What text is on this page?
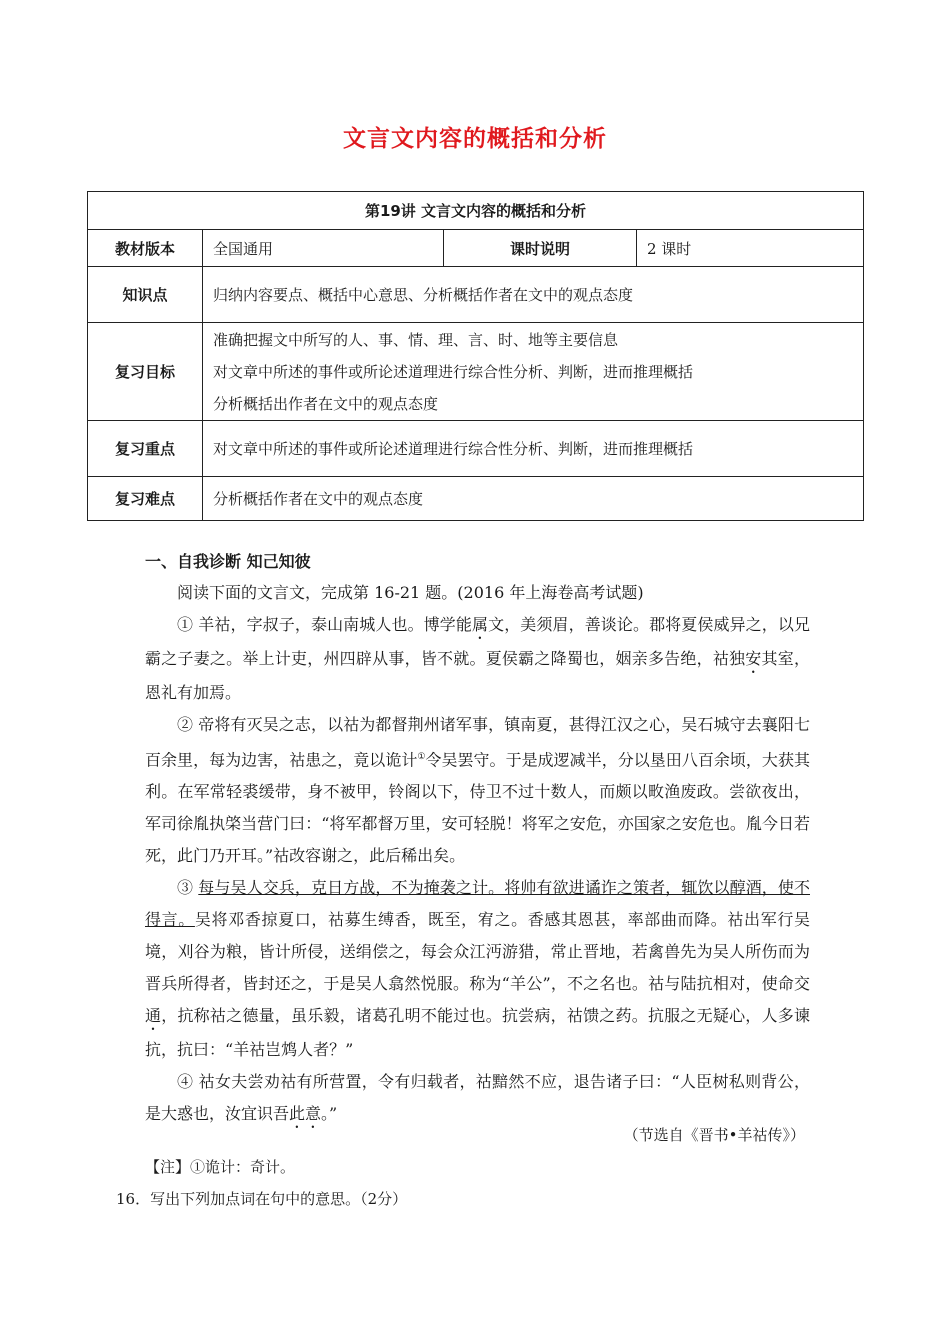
文言文内容的概括和分析
第19讲 文言文内容的概括和分析			
教材版本	全国通用	课时说明	2 课时
知识点	归纳内容要点、概括中心意思、分析概括作者在文中的观点态度		
复习目标	准确把握文中所写的人、事、情、理、言、时、地等主要信息
对文章中所述的事件或所论述道理进行综合性分析、判断，进而推理概括
分析概括出作者在文中的观点态度		

复习重点	对文章中所述的事件或所论述道理进行综合性分析、判断，进而推理概括		
复习难点	分析概括作者在文中的观点态度		
一、自我诊断 知己知彼

阅读下面的文言文，完成第 16-21 题。(2016 年上海卷高考试题)

① 羊祜，字叔子，泰山南城人也。博学能属文，美须眉，善谈论。郡将夏侯威异之，以兄霸之子妻之。举上计吏，州四辟从事，皆不就。夏侯霸之降蜀也，姻亲多告绝，祜独安其室，恩礼有加焉。

② 帝将有灭吴之志，以祜为都督荆州诸军事，镇南夏，甚得江汉之心，吴石城守去襄阳七百余里，每为边害，祜患之，竟以诡计①令吴罢守。于是成逻减半，分以垦田八百余顷，大获其利。在军常轻裘缓带，身不被甲，铃阁以下，侍卫不过十数人，而颇以畋渔废政。尝欲夜出，军司徐胤执棨当营门曰：“将军都督万里，安可轻脱！将军之安危，亦国家之安危也。胤今日若死，此门乃开耳。”祜改容谢之，此后稀出矣。

③ 每与吴人交兵，克日方战，不为掩袭之计。将帅有欲进谲诈之策者，辄饮以醇酒，使不得言。吴将邓香掠夏口，祜募生缚香，既至，宥之。香感其恩甚，率部曲而降。祜出军行吴境，刈谷为粮，皆计所侵，送绢偿之，每会众江沔游猎，常止晋地，若禽兽先为吴人所伤而为晋兵所得者，皆封还之，于是吴人翕然悦服。称为“羊公”，不之名也。祜与陆抗相对，使命交通，抗称祜之德量，虽乐毅，诸葛孔明不能过也。抗尝病，祜馈之药。抗服之无疑心，人多谏抗，抗曰：“羊祜岂鸩人者？”

④ 祜女夫尝劝祜有所营置，令有归载者，祜黯然不应，退告诸子曰：“人臣树私则背公，是大惑也，汝宜识吾此意。”

（节选自《晋书•羊祜传》）
【注】①诡计：奇计。
16．写出下列加点词在句中的意思。（2分）
